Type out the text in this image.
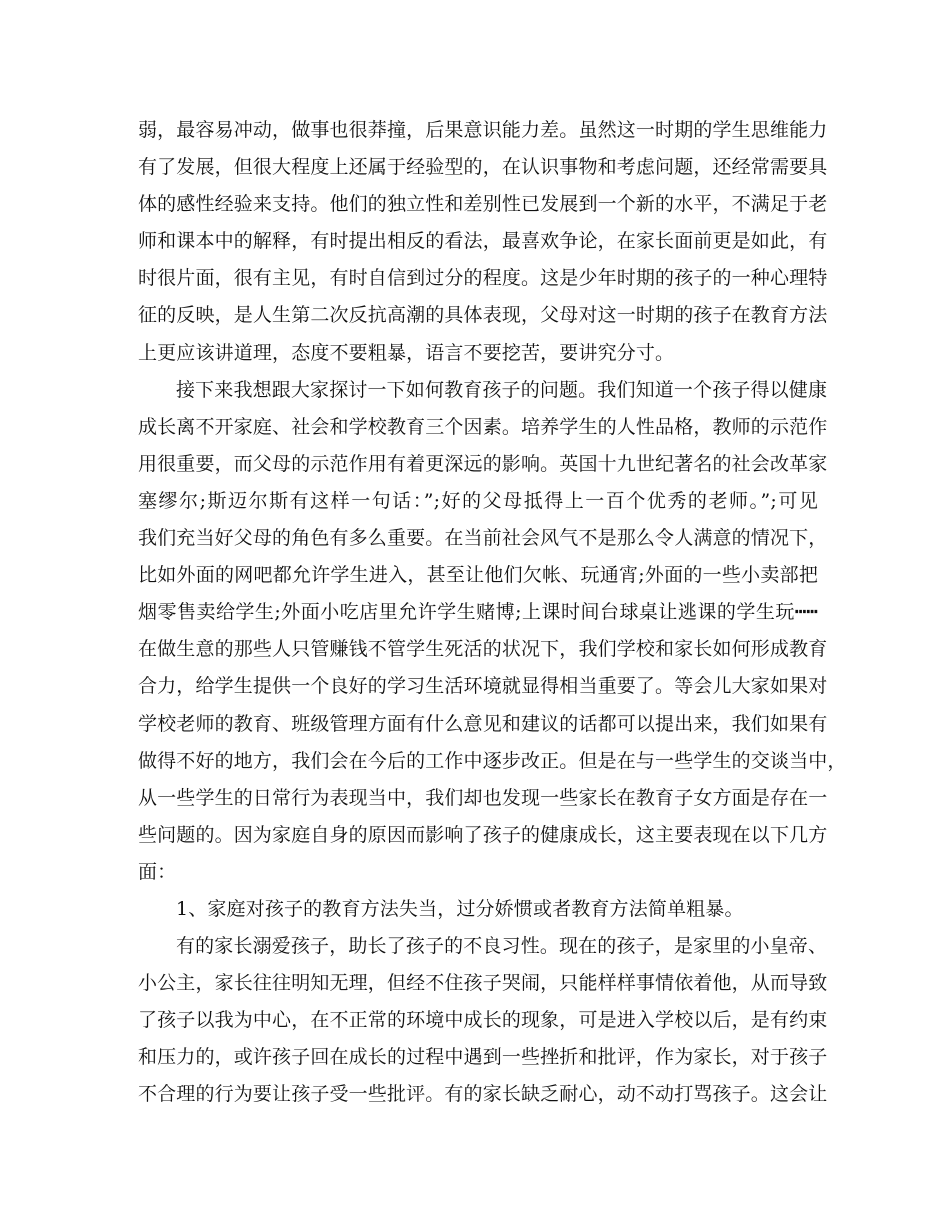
弱，最容易冲动，做事也很莽撞，后果意识能力差。虽然这一时期的学生思维能力
有了发展，但很大程度上还属于经验型的，在认识事物和考虑问题，还经常需要具
体的感性经验来支持。他们的独立性和差别性已发展到一个新的水平，不满足于老
师和课本中的解释，有时提出相反的看法，最喜欢争论，在家长面前更是如此，有
时很片面，很有主见，有时自信到过分的程度。这是少年时期的孩子的一种心理特
征的反映，是人生第二次反抗高潮的具体表现，父母对这一时期的孩子在教育方法
上更应该讲道理，态度不要粗暴，语言不要挖苦，要讲究分寸。
接下来我想跟大家探讨一下如何教育孩子的问题。我们知道一个孩子得以健康
成长离不开家庭、社会和学校教育三个因素。培养学生的人性品格，教师的示范作
用很重要，而父母的示范作用有着更深远的影响。英国十九世纪著名的社会改革家
塞缪尔;斯迈尔斯有这样一句话：”;好的父母抵得上一百个优秀的老师。”;可见
我们充当好父母的角色有多么重要。在当前社会风气不是那么令人满意的情况下，
比如外面的网吧都允许学生进入，甚至让他们欠帐、玩通宵;外面的一些小卖部把
烟零售卖给学生;外面小吃店里允许学生赌博;上课时间台球桌让逃课的学生玩┅┅
在做生意的那些人只管赚钱不管学生死活的状况下，我们学校和家长如何形成教育
合力，给学生提供一个良好的学习生活环境就显得相当重要了。等会儿大家如果对
学校老师的教育、班级管理方面有什么意见和建议的话都可以提出来，我们如果有
做得不好的地方，我们会在今后的工作中逐步改正。但是在与一些学生的交谈当中，
从一些学生的日常行为表现当中，我们却也发现一些家长在教育子女方面是存在一
些问题的。因为家庭自身的原因而影响了孩子的健康成长，这主要表现在以下几方
面：
1、家庭对孩子的教育方法失当，过分娇惯或者教育方法简单粗暴。
有的家长溺爱孩子，助长了孩子的不良习性。现在的孩子，是家里的小皇帝、
小公主，家长往往明知无理，但经不住孩子哭闹，只能样样事情依着他，从而导致
了孩子以我为中心，在不正常的环境中成长的现象，可是进入学校以后，是有约束
和压力的，或许孩子回在成长的过程中遇到一些挫折和批评，作为家长，对于孩子
不合理的行为要让孩子受一些批评。有的家长缺乏耐心，动不动打骂孩子。这会让
